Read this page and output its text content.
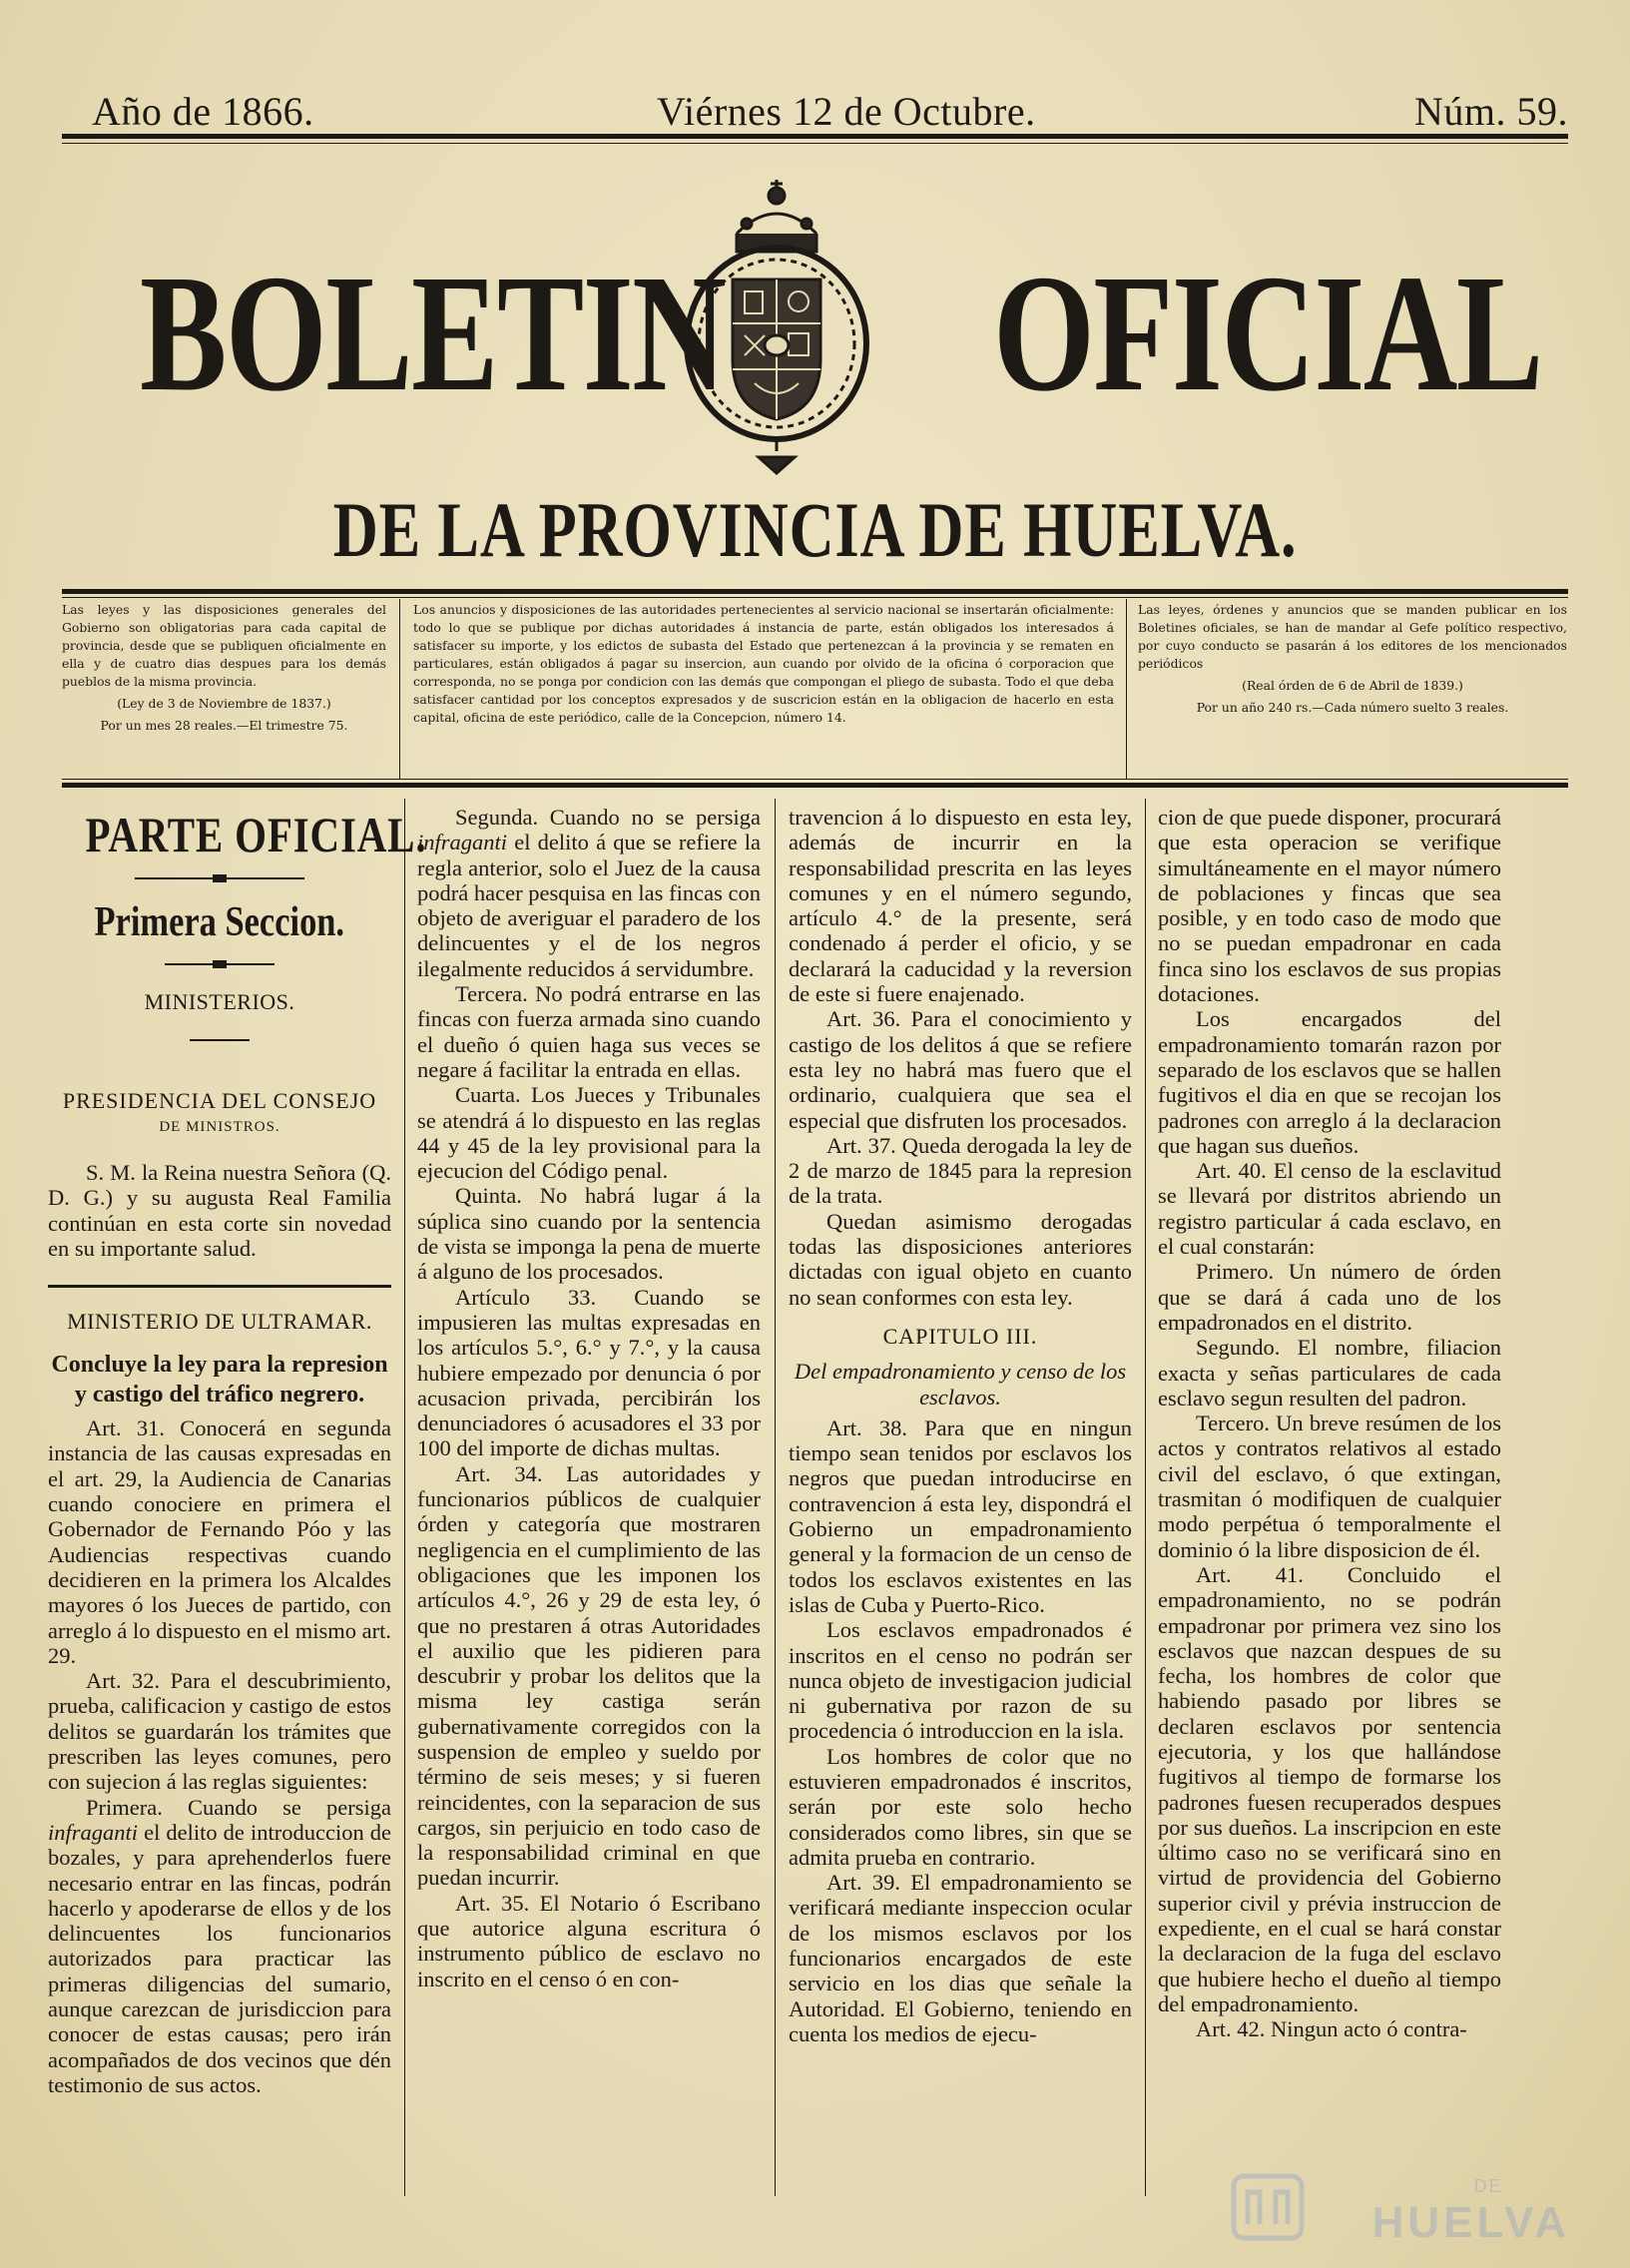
Año de 1866.	Viérnes 12 de Octubre.	Núm. 59.
BOLETIN OFICIAL
DE LA PROVINCIA DE HUELVA.

Las leyes y las disposiciones generales del Gobierno son obligatorias para cada capital de provincia, desde que se publiquen oficialmente en ella y de cuatro dias despues para los demás pueblos de la misma provincia.

(Ley de 3 de Noviembre de 1837.)

Por un mes 28 reales.—El trimestre 75.

Los anuncios y disposiciones de las autoridades pertenecientes al servicio nacional se insertarán oficialmente: todo lo que se publique por dichas autoridades á instancia de parte, están obligados los interesados á satisfacer su importe, y los edictos de subasta del Estado que pertenezcan á la provincia y se rematen en particulares, están obligados á pagar su insercion, aun cuando por olvido de la oficina ó corporacion que corresponda, no se ponga por condicion con las demás que compongan el pliego de subasta. Todo el que deba satisfacer cantidad por los conceptos expresados y de suscricion están en la obligacion de hacerlo en esta capital, oficina de este periódico, calle de la Concepcion, número 14.

Las leyes, órdenes y anuncios que se manden publicar en los Boletines oficiales, se han de mandar al Gefe político respectivo, por cuyo conducto se pasarán á los editores de los mencionados periódicos

(Real órden de 6 de Abril de 1839.)

Por un año 240 rs.—Cada número suelto 3 reales.

PARTE OFICIAL.
Primera Seccion.
MINISTERIOS.
PRESIDENCIA DEL CONSEJO
DE MINISTROS.

S. M. la Reina nuestra Señora (Q. D. G.) y su augusta Real Familia continúan en esta corte sin novedad en su importante salud.

MINISTERIO DE ULTRAMAR.
Concluye la ley para la represion y castigo del tráfico negrero.

Art. 31. Conocerá en segunda instancia de las causas expresadas en el art. 29, la Audiencia de Canarias cuando conociere en primera el Gobernador de Fernando Póo y las Audiencias respectivas cuando decidieren en la primera los Alcaldes mayores ó los Jueces de partido, con arreglo á lo dispuesto en el mismo art. 29.

Art. 32. Para el descubrimiento, prueba, calificacion y castigo de estos delitos se guardarán los trámites que prescriben las leyes comunes, pero con sujecion á las reglas siguientes:

Primera. Cuando se persiga infraganti el delito de introduccion de bozales, y para aprehenderlos fuere necesario entrar en las fincas, podrán hacerlo y apoderarse de ellos y de los delincuentes los funcionarios autorizados para practicar las primeras diligencias del sumario, aunque carezcan de jurisdiccion para conocer de estas causas; pero irán acompañados de dos vecinos que dén testimonio de sus actos.

Segunda. Cuando no se persiga infraganti el delito á que se refiere la regla anterior, solo el Juez de la causa podrá hacer pesquisa en las fincas con objeto de averiguar el paradero de los delincuentes y el de los negros ilegalmente reducidos á servidumbre.

Tercera. No podrá entrarse en las fincas con fuerza armada sino cuando el dueño ó quien haga sus veces se negare á facilitar la entrada en ellas.

Cuarta. Los Jueces y Tribunales se atendrá á lo dispuesto en las reglas 44 y 45 de la ley provisional para la ejecucion del Código penal.

Quinta. No habrá lugar á la súplica sino cuando por la sentencia de vista se imponga la pena de muerte á alguno de los procesados.

Artículo 33. Cuando se impusieren las multas expresadas en los artículos 5.°, 6.° y 7.°, y la causa hubiere empezado por denuncia ó por acusacion privada, percibirán los denunciadores ó acusadores el 33 por 100 del importe de dichas multas.

Art. 34. Las autoridades y funcionarios públicos de cualquier órden y categoría que mostraren negligencia en el cumplimiento de las obligaciones que les imponen los artículos 4.°, 26 y 29 de esta ley, ó que no prestaren á otras Autoridades el auxilio que les pidieren para descubrir y probar los delitos que la misma ley castiga serán gubernativamente corregidos con la suspension de empleo y sueldo por término de seis meses; y si fueren reincidentes, con la separacion de sus cargos, sin perjuicio en todo caso de la responsabilidad criminal en que puedan incurrir.

Art. 35. El Notario ó Escribano que autorice alguna escritura ó instrumento público de esclavo no inscrito en el censo ó en con-

travencion á lo dispuesto en esta ley, además de incurrir en la responsabilidad prescrita en las leyes comunes y en el número segundo, artículo 4.° de la presente, será condenado á perder el oficio, y se declarará la caducidad y la reversion de este si fuere enajenado.

Art. 36. Para el conocimiento y castigo de los delitos á que se refiere esta ley no habrá mas fuero que el ordinario, cualquiera que sea el especial que disfruten los procesados.

Art. 37. Queda derogada la ley de 2 de marzo de 1845 para la represion de la trata.

Quedan asimismo derogadas todas las disposiciones anteriores dictadas con igual objeto en cuanto no sean conformes con esta ley.

CAPITULO III.
Del empadronamiento y censo de los esclavos.

Art. 38. Para que en ningun tiempo sean tenidos por esclavos los negros que puedan introducirse en contravencion á esta ley, dispondrá el Gobierno un empadronamiento general y la formacion de un censo de todos los esclavos existentes en las islas de Cuba y Puerto-Rico.

Los esclavos empadronados é inscritos en el censo no podrán ser nunca objeto de investigacion judicial ni gubernativa por razon de su procedencia ó introduccion en la isla.

Los hombres de color que no estuvieren empadronados é inscritos, serán por este solo hecho considerados como libres, sin que se admita prueba en contrario.

Art. 39. El empadronamiento se verificará mediante inspeccion ocular de los mismos esclavos por los funcionarios encargados de este servicio en los dias que señale la Autoridad. El Gobierno, teniendo en cuenta los medios de ejecu-

cion de que puede disponer, procurará que esta operacion se verifique simultáneamente en el mayor número de poblaciones y fincas que sea posible, y en todo caso de modo que no se puedan empadronar en cada finca sino los esclavos de sus propias dotaciones.

Los encargados del empadronamiento tomarán razon por separado de los esclavos que se hallen fugitivos el dia en que se recojan los padrones con arreglo á la declaracion que hagan sus dueños.

Art. 40. El censo de la esclavitud se llevará por distritos abriendo un registro particular á cada esclavo, en el cual constarán:

Primero. Un número de órden que se dará á cada uno de los empadronados en el distrito.

Segundo. El nombre, filiacion exacta y señas particulares de cada esclavo segun resulten del padron.

Tercero. Un breve resúmen de los actos y contratos relativos al estado civil del esclavo, ó que extingan, trasmitan ó modifiquen de cualquier modo perpétua ó temporalmente el dominio ó la libre disposicion de él.

Art. 41. Concluido el empadronamiento, no se podrán empadronar por primera vez sino los esclavos que nazcan despues de su fecha, los hombres de color que habiendo pasado por libres se declaren esclavos por sentencia ejecutoria, y los que hallándose fugitivos al tiempo de formarse los padrones fuesen recuperados despues por sus dueños. La inscripcion en este último caso no se verificará sino en virtud de providencia del Gobierno superior civil y prévia instruccion de expediente, en el cual se hará constar la declaracion de la fuga del esclavo que hubiere hecho el dueño al tiempo del empadronamiento.

Art. 42. Ningun acto ó contra-

DE
HUELVA
